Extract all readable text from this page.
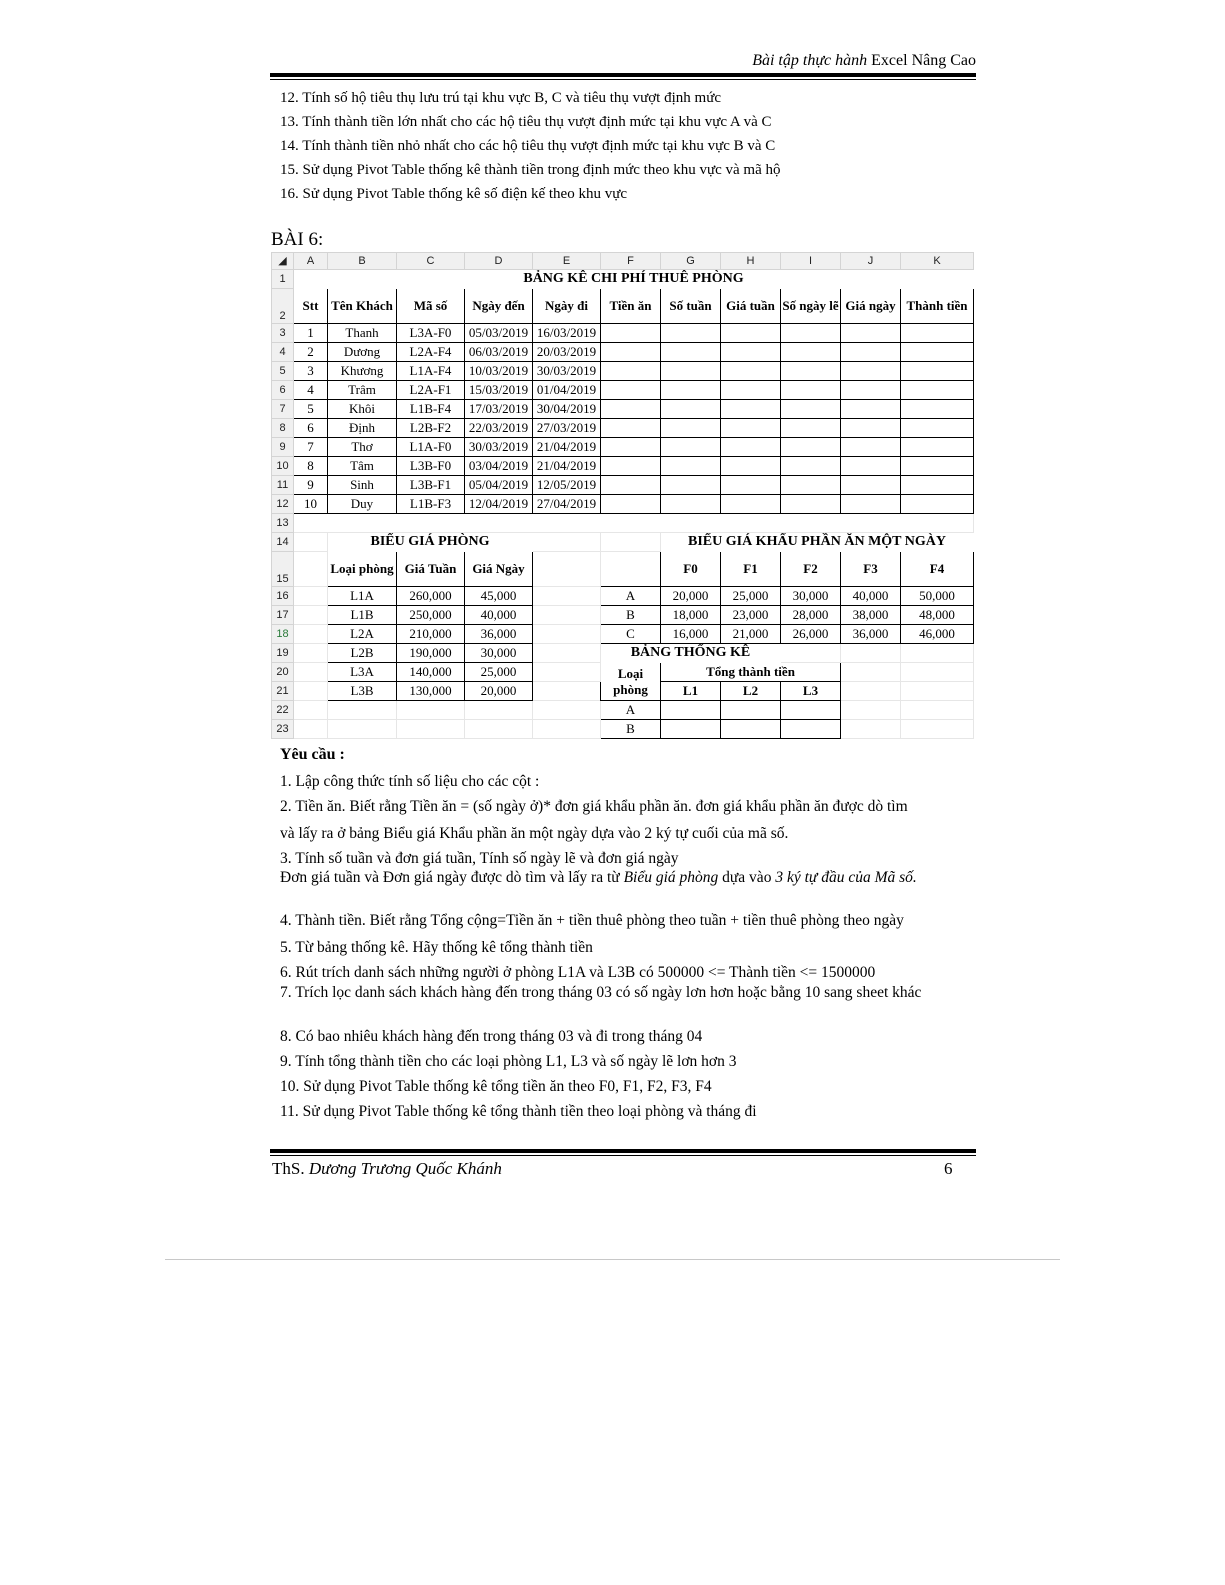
Bài tập thực hành Excel Nâng Cao
12. Tính số hộ tiêu thụ lưu trú tại khu vực B, C và tiêu thụ vượt định mức
13. Tính thành tiền lớn nhất cho các hộ tiêu thụ vượt định mức tại khu vực A và C
14. Tính thành tiền nhỏ nhất cho các hộ tiêu thụ vượt định mức tại khu vực B và C
15. Sử dụng Pivot Table thống kê thành tiền trong định mức theo khu vực và mã hộ
16. Sử dụng Pivot Table thống kê số điện kế theo khu vực
BÀI 6:
◢	A	B	C	D	E	F	G	H	I	J	K
1	BẢNG KÊ CHI PHÍ THUÊ PHÒNG										
2	Stt	Tên Khách	Mã số	Ngày đến	Ngày đi	Tiền ăn	Số tuần	Giá tuần	Số ngày lẽ	Giá ngày	Thành tiền
3	1	Thanh	L3A-F0	05/03/2019	16/03/2019						
4	2	Dương	L2A-F4	06/03/2019	20/03/2019						
5	3	Khương	L1A-F4	10/03/2019	30/03/2019						
6	4	Trâm	L2A-F1	15/03/2019	01/04/2019						
7	5	Khôi	L1B-F4	17/03/2019	30/04/2019						
8	6	Định	L2B-F2	22/03/2019	27/03/2019						
9	7	Thơ	L1A-F0	30/03/2019	21/04/2019						
10	8	Tâm	L3B-F0	03/04/2019	21/04/2019						
11	9	Sinh	L3B-F1	05/04/2019	12/05/2019						
12	10	Duy	L1B-F3	12/04/2019	27/04/2019						
13											
14		BIỂU GIÁ PHÒNG					BIỂU GIÁ KHẨU PHẦN ĂN MỘT NGÀY				
15		Loại phòng	Giá Tuần	Giá Ngày			F0	F1	F2	F3	F4
16		L1A	260,000	45,000		A	20,000	25,000	30,000	40,000	50,000
17		L1B	250,000	40,000		B	18,000	23,000	28,000	38,000	48,000
18		L2A	210,000	36,000		C	16,000	21,000	26,000	36,000	46,000
19		L2B	190,000	30,000		BẢNG THỐNG KÊ					
20		L3A	140,000	25,000		Loại phòng	Tổng thành tiền				
21		L3B	130,000	20,000			L1	L2	L3		
22						A					
23						B					
Yêu cầu :
1. Lập công thức tính số liệu cho các cột :
2. Tiền ăn. Biết rằng Tiền ăn = (số ngày ở)* đơn giá khẩu phần ăn. đơn giá khẩu phần ăn được dò tìm
và lấy ra ở bảng Biểu giá Khẩu phần ăn một ngày dựa vào 2 ký tự cuối của mã số.
3. Tính số tuần và đơn giá tuần, Tính số ngày lẽ và đơn giá ngày
Đơn giá tuần và Đơn giá ngày được dò tìm và lấy ra từ Biểu giá phòng dựa vào 3 ký tự đầu của Mã số.
4. Thành tiền. Biết rằng Tổng cộng=Tiền ăn + tiền thuê phòng theo tuần + tiền thuê phòng theo ngày
5. Từ bảng thống kê. Hãy thống kê tổng thành tiền
6. Rút trích danh sách những người ở phòng L1A và L3B có 500000 <= Thành tiền <= 1500000
7. Trích lọc danh sách khách hàng đến trong tháng 03 có số ngày lơn hơn hoặc bằng 10 sang sheet khác
8. Có bao nhiêu khách hàng đến trong tháng 03 và đi trong tháng 04
9. Tính tổng thành tiền cho các loại phòng L1, L3 và số ngày lẽ lơn hơn 3
10. Sử dụng Pivot Table thống kê tổng tiền ăn theo F0, F1, F2, F3, F4
11. Sử dụng Pivot Table thống kê tổng thành tiền theo loại phòng và tháng đi
ThS. Dương Trương Quốc Khánh	6
